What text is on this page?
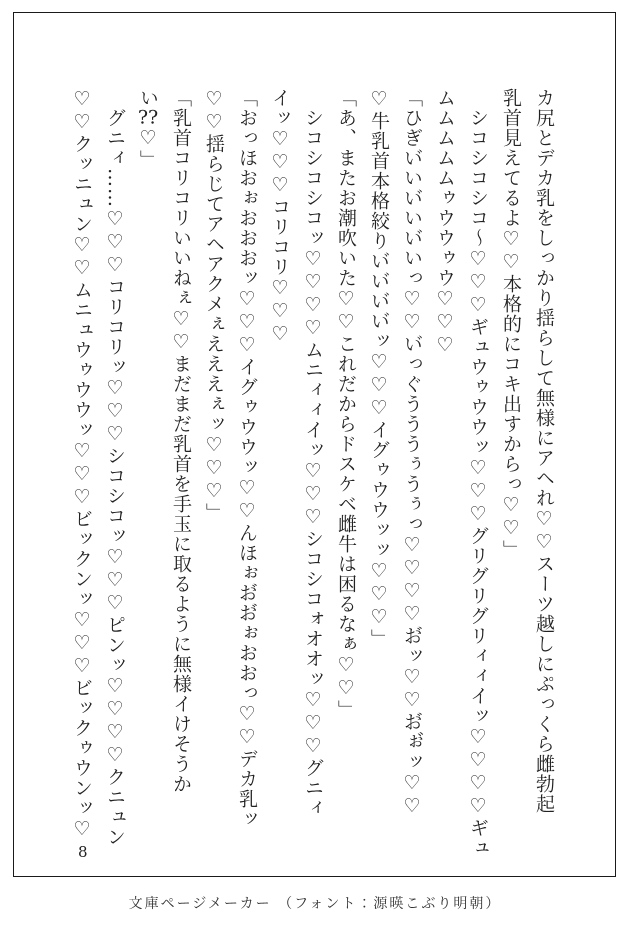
カ尻とデカ乳をしっかり揺らして無様にアヘれ♡♡スーツ越しにぷっくら雌勃起

乳首見えてるよ♡♡本格的にコキ出すからっ♡♡」

シコシコシコ～♡♡♡ギュウゥウウッ♡♡♡グリグリグリィィイッ♡♡♡♡ギュ

ムムムムムゥウウゥウ♡♡♡

「ひぎい゙いい゙いい゙いっ♡♡い゙っぐうううぅうぅっ♡♡♡♡お゙ッ♡♡お゙ぉ゙ッ♡♡

♡牛乳首本格絞りい゙い゙い゙い゙ッ♡♡♡イグゥウウッッ♡♡♡」

「あ、またお潮吹いた♡♡これだからドスケベ雌牛は困るなぁ♡♡」

シコシコシコッ♡♡♡♡ムニィィイッ♡♡♡シコシコォオオッ♡♡♡グニィ

イッ♡♡♡コリコリ♡♡♡

「おっほおぉおおおッ♡♡♡イグゥウウッ♡♡んほぉお゙お゙ぉおおっ♡♡デカ乳ッ

♡♡揺らじてアヘアクメぇえええぇッ♡♡♡」

「乳首コリコリいいねぇ♡♡まだまだ乳首を手玉に取るように無様イけそうか

い??♡」

グニィ……♡♡♡コリコリッ♡♡♡シコシコッ♡♡♡ピンッ♡♡♡♡クニュン

♡♡クッニュン♡♡ムニュウゥウウッ♡♡♡ビックンッ♡♡♡ビックゥウンッ♡

8
文庫ページメーカー （フォント：源暎こぶり明朝）
